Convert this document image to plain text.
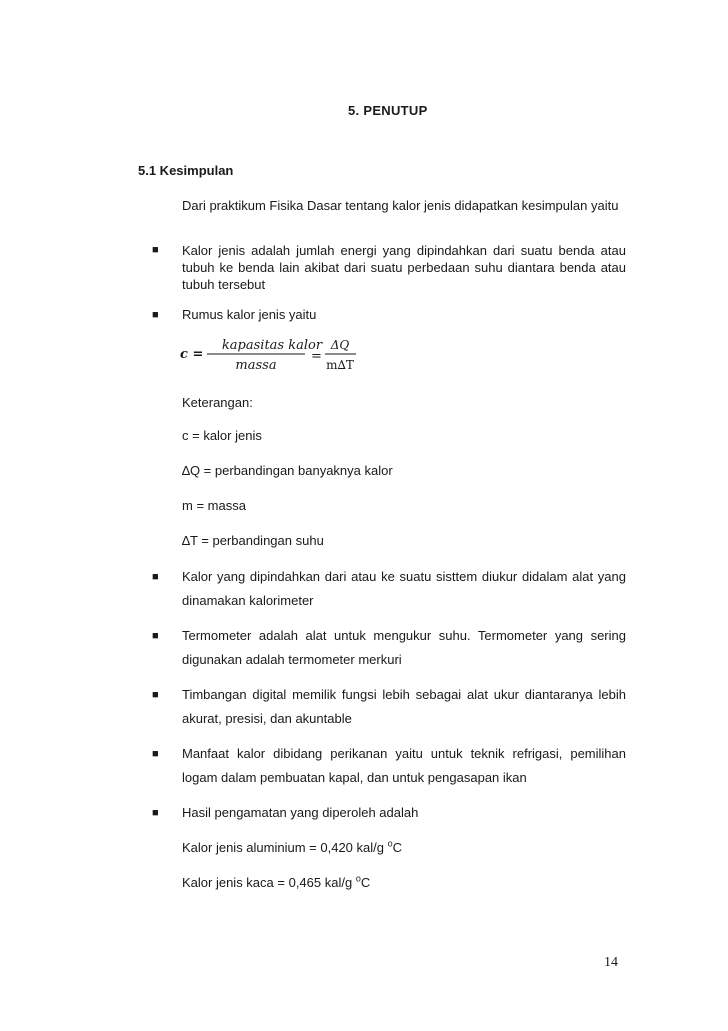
5. PENUTUP
5.1 Kesimpulan
Dari praktikum Fisika Dasar tentang kalor jenis didapatkan kesimpulan yaitu
■ Kalor jenis adalah jumlah energi yang dipindahkan dari suatu benda atau tubuh ke benda lain akibat dari suatu perbedaan suhu diantara benda atau tubuh tersebut
■ Rumus kalor jenis yaitu
c =
kapasitas kalor
massa
=
ΔQ
m∆T
Keterangan:
c = kalor jenis
∆Q = perbandingan banyaknya kalor
m = massa
∆T = perbandingan suhu
■ Kalor yang dipindahkan dari atau ke suatu sisttem diukur didalam alat yang dinamakan kalorimeter
■ Termometer adalah alat untuk mengukur suhu. Termometer yang sering digunakan adalah termometer merkuri
■ Timbangan digital memilik fungsi lebih sebagai alat ukur diantaranya lebih akurat, presisi, dan akuntable
■ Manfaat kalor dibidang perikanan yaitu untuk teknik refrigasi, pemilihan logam dalam pembuatan kapal, dan untuk pengasapan ikan
■ Hasil pengamatan yang diperoleh adalah
Kalor jenis aluminium = 0,420 kal/g $^o$C
Kalor jenis kaca = 0,465 kal/g $^o$C
14
